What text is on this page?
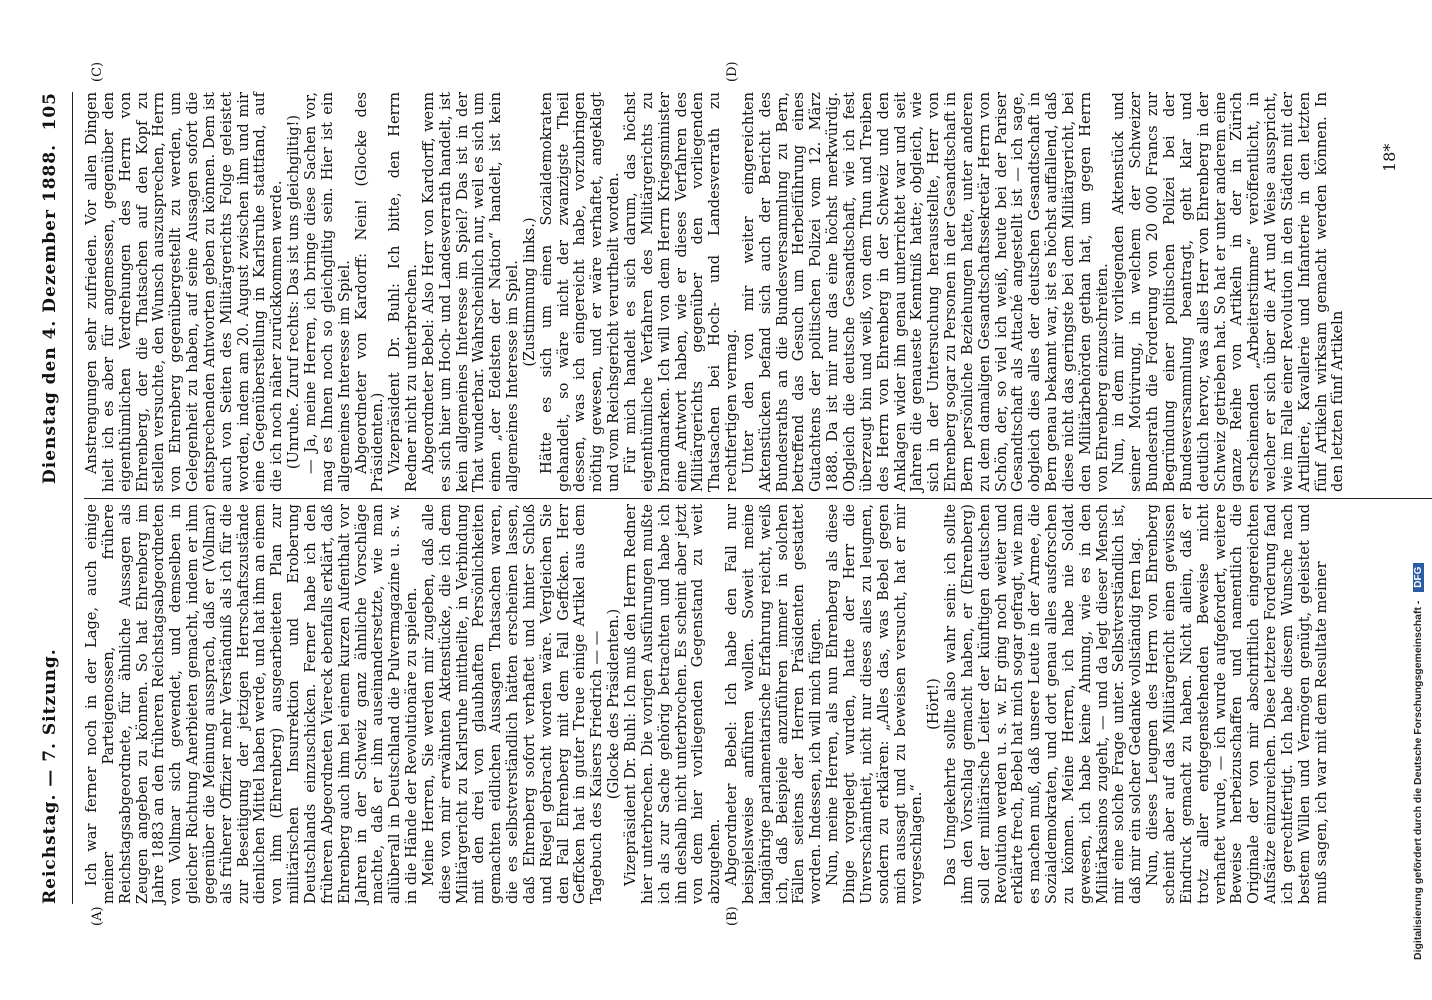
Reichstag. — 7. Sitzung.
Dienstag den 4. Dezember 1888.
105
(A)	(B)
(C)	(D)

Ich war ferner noch in der Lage, auch einige meiner Parteigenossen, frühere Reichstagsabgeordnete, für ähnliche Aussagen als Zeugen angeben zu können. So hat Ehrenberg im Jahre 1883 an den früheren Reichstagsabgeordneten von Vollmar sich gewendet, und demselben in gleicher Richtung Anerbieten gemacht, indem er ihm gegenüber die Meinung aussprach, daß er (Vollmar) als früherer Offizier mehr Verständniß als ich für die zur Beseitigung der jetzigen Herrschaftszustände dienlichen Mittel haben werde, und hat ihm an einem von ihm (Ehrenberg) ausgearbeiteten Plan zur militärischen Insurrektion und Eroberung Deutschlands einzuschicken. Ferner habe ich den früheren Abgeordneten Viereck ebenfalls erklärt, daß Ehrenberg auch ihm bei einem kurzen Aufenthalt vor Jahren in der Schweiz ganz ähnliche Vorschläge machte, daß er ihm auseinandersetzte, wie man allüberall in Deutschland die Pulvermagazine u. s. w. in die Hände der Revolutionäre zu spielen. Meine Herren, Sie werden mir zugeben, daß alle diese von mir erwähnten Aktenstücke, die ich dem Militärgericht zu Karlsruhe mittheilte, in Verbindung mit den drei von glaubhaften Persönlichkeiten gemachten eidlichen Aussagen Thatsachen waren, die es selbstverständlich hätten erscheinen lassen, daß Ehrenberg sofort verhaftet und hinter Schloß und Riegel gebracht worden wäre. Vergleichen Sie den Fall Ehrenberg mit dem Fall Geffcken. Herr Geffcken hat in guter Treue einige Artikel aus dem Tagebuch des Kaisers Friedrich — — (Glocke des Präsidenten.) Vizepräsident Dr. Buhl: Ich muß den Herrn Redner hier unterbrechen. Die vorigen Ausführungen mußte ich als zur Sache gehörig betrachten und habe ich ihn deshalb nicht unterbrochen. Es scheint aber jetzt von dem hier vorliegenden Gegenstand zu weit abzugehen. Abgeordneter Bebel: Ich habe den Fall nur beispielsweise anführen wollen. Soweit meine langjährige parlamentarische Erfahrung reicht, weiß ich, daß Beispiele anzuführen immer in solchen Fällen seitens der Herren Präsidenten gestattet worden. Indessen, ich will mich fügen. Nun, meine Herren, als nun Ehrenberg als diese Dinge vorgelegt wurden, hatte der Herr die Unverschämtheit, nicht nur dieses alles zu leugnen, sondern zu erklären: „Alles das, was Bebel gegen mich aussagt und zu beweisen versucht, hat er mir vorgeschlagen.“

(Hört!) Das Umgekehrte sollte also wahr sein: ich sollte ihm den Vorschlag gemacht haben, er (Ehrenberg) soll der militärische Leiter der künftigen deutschen Revolution werden u. s. w. Er ging noch weiter und erklärte frech, Bebel hat mich sogar gefragt, wie man es machen muß, daß unsere Leute in der Armee, die Sozialdemokraten, und dort genau alles ausforschen zu können. Meine Herren, ich habe nie Soldat gewesen, ich habe keine Ahnung, wie es in den Militärkasinos zugeht, — und da legt dieser Mensch mir eine solche Frage unter. Selbstverständlich ist, daß mir ein solcher Gedanke vollständig fern lag. Nun, dieses Leugnen des Herrn von Ehrenberg scheint aber auf das Militärgericht einen gewissen Eindruck gemacht zu haben. Nicht allein, daß er trotz aller entgegenstehenden Beweise nicht verhaftet wurde, — ich wurde aufgefordert, weitere Beweise herbeizuschaffen und namentlich die Originale der von mir abschriftlich eingereichten Aufsätze einzureichen. Diese letztere Forderung fand ich gerechtfertigt. Ich habe diesem Wunsche nach bestem Willen und Vermögen genügt, geleistet und muß sagen, ich war mit dem Resultate meiner

Anstrengungen sehr zufrieden. Vor allen Dingen hielt ich es aber für angemessen, gegenüber den eigenthümlichen Verdrehungen des Herrn von Ehrenberg, der die Thatsachen auf den Kopf zu stellen versuchte, den Wunsch auszusprechen, Herrn von Ehrenberg gegenübergestellt zu werden, um Gelegenheit zu haben, auf seine Aussagen sofort die entsprechenden Antworten geben zu können. Dem ist auch von Seiten des Militärgerichts Folge geleistet worden, indem am 20. August zwischen ihm und mir eine Gegenüberstellung in Karlsruhe stattfand, auf die ich noch näher zurückkommen werde. (Unruhe. Zuruf rechts: Das ist uns gleichgiltig!) — Ja, meine Herren, ich bringe diese Sachen vor, mag es Ihnen noch so gleichgiltig sein. Hier ist ein allgemeines Interesse im Spiel. Abgeordneter von Kardorff: Nein! (Glocke des Präsidenten.) Vizepräsident Dr. Buhl: Ich bitte, den Herrn Redner nicht zu unterbrechen. Abgeordneter Bebel: Also Herr von Kardorff, wenn es sich hier um Hoch- und Landesverrath handelt, ist kein allgemeines Interesse im Spiel? Das ist in der That wunderbar. Wahrscheinlich nur, weil es sich um einen „der Edelsten der Nation“ handelt, ist kein allgemeines Interesse im Spiel. (Zustimmung links.) Hätte es sich um einen Sozialdemokraten gehandelt, so wäre nicht der zwanzigste Theil dessen, was ich eingereicht habe, vorzubringen nöthig gewesen, und er wäre verhaftet, angeklagt und vom Reichsgericht verurtheilt worden. Für mich handelt es sich darum, das höchst eigenthümliche Verfahren des Militärgerichts zu brandmarken. Ich will von dem Herrn Kriegsminister eine Antwort haben, wie er dieses Verfahren des Militärgerichts gegenüber den vorliegenden Thatsachen bei Hoch- und Landesverrath zu rechtfertigen vermag. Unter den von mir weiter eingereichten Aktenstücken befand sich auch der Bericht des Bundesraths an die Bundesversammlung zu Bern, betreffend das Gesuch um Herbeiführung eines Gutachtens der politischen Polizei vom 12. März 1888. Da ist mir nur das eine höchst merkwürdig. Obgleich die deutsche Gesandtschaft, wie ich fest überzeugt bin und weiß, von dem Thun und Treiben des Herrn von Ehrenberg in der Schweiz und den Anklagen wider ihn genau unterrichtet war und seit Jahren die genaueste Kenntniß hatte; obgleich, wie sich in der Untersuchung herausstellte, Herr von Ehrenberg sogar zu Personen in der Gesandtschaft in Bern persönliche Beziehungen hatte, unter anderen zu dem damaligen Gesandtschaftssekretär Herrn von Schön, der, so viel ich weiß, heute bei der Pariser Gesandtschaft als Attaché angestellt ist — ich sage, obgleich dies alles der deutschen Gesandtschaft in Bern genau bekannt war, ist es höchst auffallend, daß diese nicht das geringste bei dem Militärgericht, bei den Militärbehörden gethan hat, um gegen Herrn von Ehrenberg einzuschreiten. Nun, in dem mir vorliegenden Aktenstück und seiner Motivirung, in welchem der Schweizer Bundesrath die Forderung von 20 000 Francs zur Begründung einer politischen Polizei bei der Bundesversammlung beantragt, geht klar und deutlich hervor, was alles Herr von Ehrenberg in der Schweiz getrieben hat. So hat er unter anderem eine ganze Reihe von Artikeln in der in Zürich erscheinenden „Arbeiterstimme“ veröffentlicht, in welcher er sich über die Art und Weise ausspricht, wie im Falle einer Revolution in den Städten mit der Artillerie, Kavallerie und Infanterie in den letzten fünf Artikeln wirksam gemacht werden können. In den letzten fünf Artikeln

18*
Digitalisierung gefördert durch die Deutsche Forschungsgemeinschaft - DFG
